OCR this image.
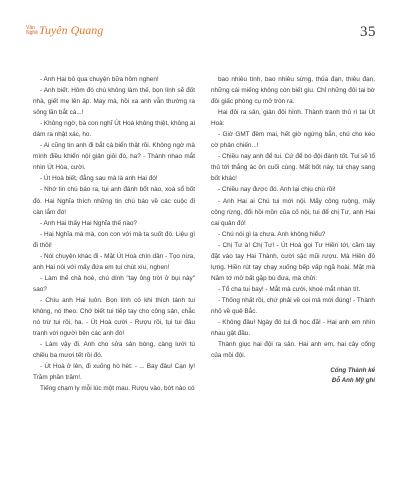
Văn
Nghệ Tuyên Quang	35

- Anh Hai bỏ qua chuyện bữa hôm nghen!

- Anh biết. Hôm đó chú không làm thế, bọn lính sẽ đốt nhà, giết mẹ lên ấp. May mà, hồi xa anh vẫn thường ra sông lần bắt cá...!

- Không ngờ, bà con nghĩ Út Hoà không thiệt, không ai dám ra nhật xác, ho.

- Ai cũng tin anh đi bắt cá biển thật rồi. Không ngờ mà mình điều khiển nội giản giỏi đó, ha? - Thành nhao mắt nhìn Út Hòa, cười.

- Út Hoà biết, đằng sau mà là anh Hai đó!

- Nhớ tin chú báo ra, tụi anh đánh bốt nào, xoá sổ bốt đó. Hai Nghĩa thích những tin chú báo về các cuộc đi càn lắm đó!

- Anh Hai thấy Hai Nghĩa thế nào?

- Hai Nghĩa mà mà, con con với mà ta suốt đó. Liệu gì đi thôi!

- Nói chuyện khác đi - Mặt Út Hoà chìn dần - Tọo nừa, anh Hai nói với mấy đứa em tui chút xíu, nghen!

- Làm thế chả hoè, chú dính "tay ông trời ở bụi này" sao?

- Chìu anh Hai luôn. Bọn lính có khi thích tánh tui không, nó theo. Chớ biết tui tiếp tay cho công sản, chắc nó trừ tui rồi, ha. - Út Hoà cười - Rượu rồi, tụi tui đâu tranh với người bên các anh đó!

- Làm vậy đi. Anh cho sửa sản bóng, càng lưới tú chiều ba mươi tết rồi đó.

- Út Hoà ở lên, đi xuống hò hét: - ... Bay đâu! Cạn ly! Trăm phần trăm!.

Tiếng chạm ly mỗi lúc một mau. Rượu vào, bớt nào có

bao nhiêu tình, bao nhiêu sừng, thủa đạn, thiêu đạn, những cái miếng không còn biết gìu. Chỉ những đôi tai bờ đôi giấc phòng cụ mở tròn ra.

Hai đôi ra sân, giản đôi hình. Thành tranh thủ rì tai Út Hoà:

- Giờ GMT đêm mai, hết giờ ngừng bắn, chú cho kéo cờ phản chiến...!

- Chiều nay anh để tui. Cứ để bó đội đánh tốt. Tui sẽ tổ thủ tới thắng ác ôn cuối cùng. Mất bốt này, tui chạy sang bốt khác!

- Chiều nay được đó. Anh lại chịu chú rồi!

- Anh Hai ai Chú tui mới nội. Mấy công ruộng, mấy công rừng, đổi hồi mồn của cố nội, tui để chị Tư, anh Hai cai quản đó!

- Chú nói gì lạ chưa. Anh không hiểu?

- Chị Tư à! Chị Tư! - Út Hoà gọi Tư Hiền tới, cầm tay đặt vào tay Hai Thành, cười sặc mũi rượu. Mà Hiền đỏ lựng. Hiền rút tay chạy xuống bếp vấp ngã hoài. Mặt mà Năm tớ mở bất gặp bù đưa, mà chửi:

- Tổ cha tui bay! - Mắt mà cười, khoé mắt nhàn tít.

- Thống nhất rồi, chứ phải về coi mả mới đúng! - Thành nhỏ về quê Bắc.

- Không đâu! Ngày đó tui đi học đã! - Hai anh em nhìn nhau gật đầu.

Thành giục hai đội ra sân. Hai anh em, hai cây cổng của mồi đội.

Cổng Thành kể
Đỗ Anh Mỹ ghi
